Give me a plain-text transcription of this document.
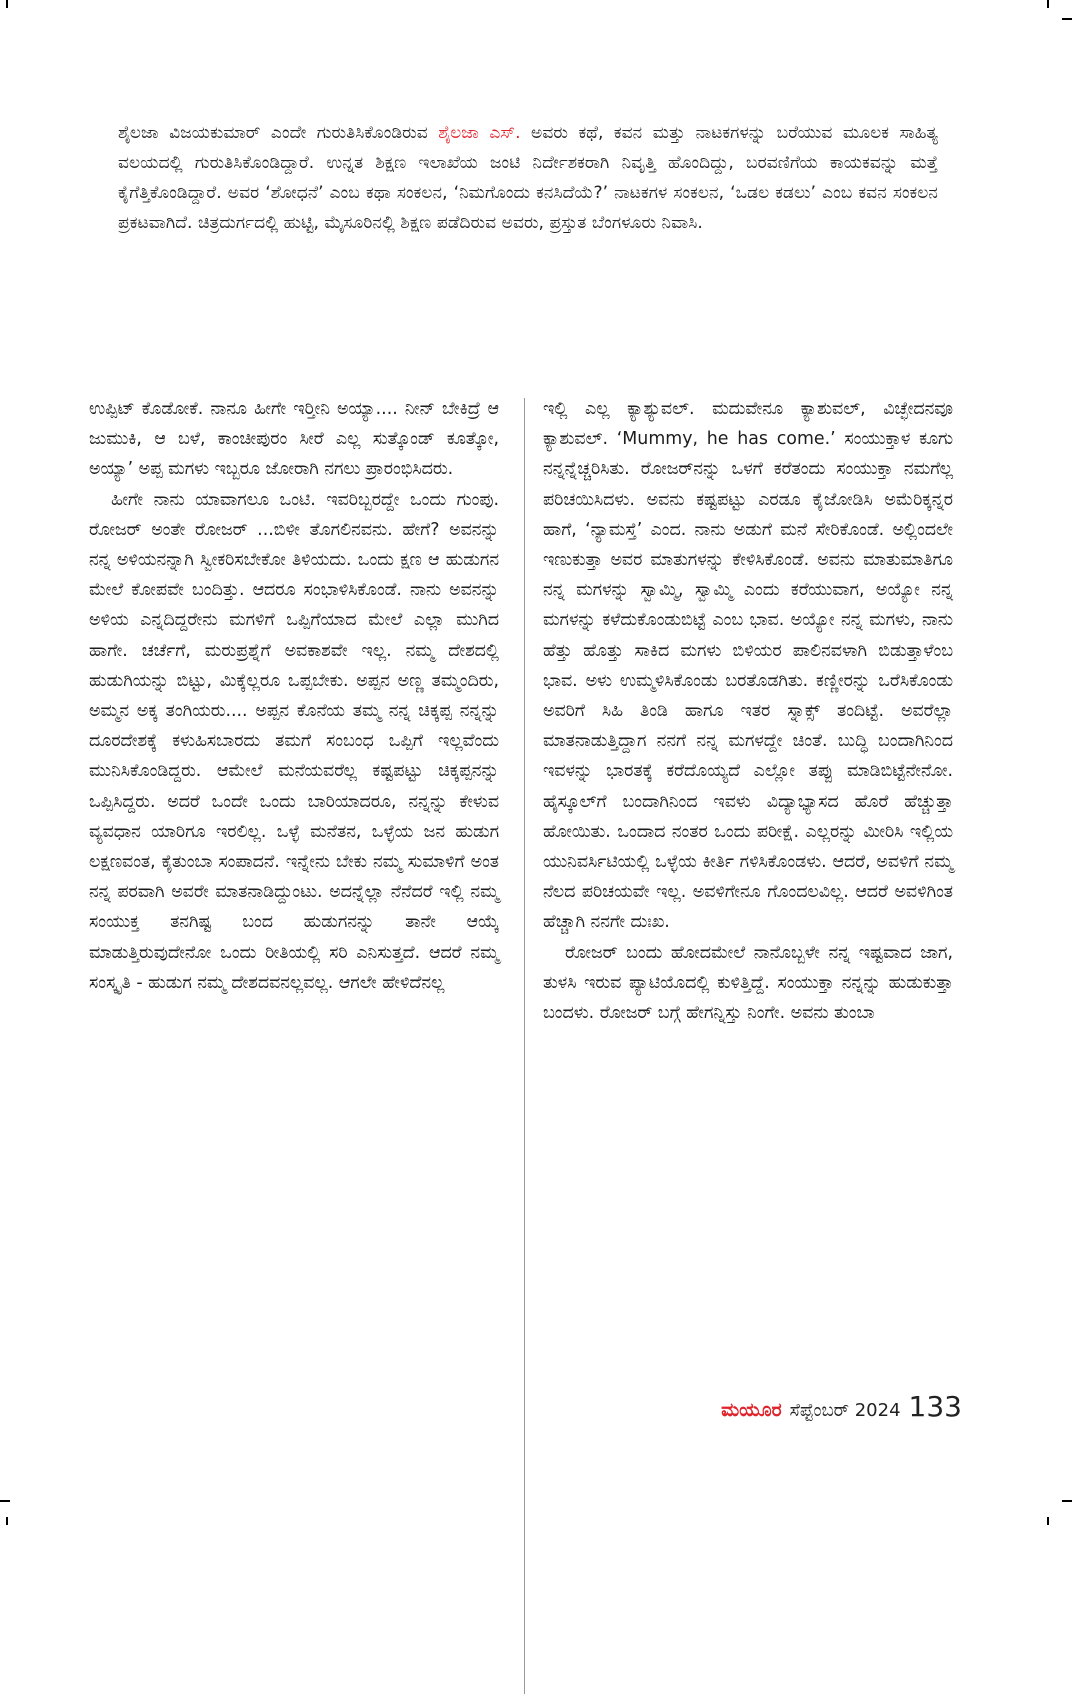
ಶೈಲಜಾ ವಿಜಯಕುಮಾರ್ ಎಂದೇ ಗುರುತಿಸಿಕೊಂಡಿರುವ ಶೈಲಜಾ ಎಸ್. ಅವರು ಕಥೆ, ಕವನ ಮತ್ತು ನಾಟಕಗಳನ್ನು ಬರೆಯುವ ಮೂಲಕ ಸಾಹಿತ್ಯ ವಲಯದಲ್ಲಿ ಗುರುತಿಸಿಕೊಂಡಿದ್ದಾರೆ. ಉನ್ನತ ಶಿಕ್ಷಣ ಇಲಾಖೆಯ ಜಂಟಿ ನಿರ್ದೇಶಕರಾಗಿ ನಿವೃತ್ತಿ ಹೊಂದಿದ್ದು, ಬರವಣಿಗೆಯ ಕಾಯಕವನ್ನು ಮತ್ತೆ ಕೈಗೆತ್ತಿಕೊಂಡಿದ್ದಾರೆ. ಅವರ ‘ಶೋಧನೆ’ ಎಂಬ ಕಥಾ ಸಂಕಲನ, ‘ನಿಮಗೊಂದು ಕನಸಿದೆಯೆ?’ ನಾಟಕಗಳ ಸಂಕಲನ, ‘ಒಡಲ ಕಡಲು’ ಎಂಬ ಕವನ ಸಂಕಲನ ಪ್ರಕಟವಾಗಿದೆ. ಚಿತ್ರದುರ್ಗದಲ್ಲಿ ಹುಟ್ಟಿ, ಮೈಸೂರಿನಲ್ಲಿ ಶಿಕ್ಷಣ ಪಡೆದಿರುವ ಅವರು, ಪ್ರಸ್ತುತ ಬೆಂಗಳೂರು ನಿವಾಸಿ.

ಉಪ್ಪಿಟ್ ಕೊಡೋಕೆ. ನಾನೂ ಹೀಗೇ ಇರ್‍ತೀನಿ ಅಯ್ಯಾ.... ನೀನ್ ಬೇಕಿದ್ರೆ ಆ ಜುಮುಕಿ, ಆ ಬಳೆ, ಕಾಂಚೀಪುರಂ ಸೀರೆ ಎಲ್ಲ ಸುತ್ಕೊಂಡ್ ಕೂತ್ಕೋ, ಅಯ್ಯಾ’ ಅಪ್ಪ ಮಗಳು ಇಬ್ಬರೂ ಜೋರಾಗಿ ನಗಲು ಪ್ರಾರಂಭಿಸಿದರು.

ಹೀಗೇ ನಾನು ಯಾವಾಗಲೂ ಒಂಟಿ. ಇವರಿಬ್ಬರದ್ದೇ ಒಂದು ಗುಂಪು. ರೋಜರ್ ಅಂತೇ ರೋಜರ್ ...ಬಿಳೀ ತೊಗಲಿನವನು. ಹೇಗೆ? ಅವನನ್ನು ನನ್ನ ಅಳಿಯನನ್ನಾಗಿ ಸ್ವೀಕರಿಸಬೇಕೋ ತಿಳಿಯದು. ಒಂದು ಕ್ಷಣ ಆ ಹುಡುಗನ ಮೇಲೆ ಕೋಪವೇ ಬಂದಿತ್ತು. ಆದರೂ ಸಂಭಾಳಿಸಿಕೊಂಡೆ. ನಾನು ಅವನನ್ನು ಅಳಿಯ ಎನ್ನದಿದ್ದರೇನು ಮಗಳಿಗೆ ಒಪ್ಪಿಗೆಯಾದ ಮೇಲೆ ಎಲ್ಲಾ ಮುಗಿದ ಹಾಗೇ. ಚರ್ಚೆಗೆ, ಮರುಪ್ರಶ್ನೆಗೆ ಅವಕಾಶವೇ ಇಲ್ಲ. ನಮ್ಮ ದೇಶದಲ್ಲಿ ಹುಡುಗಿಯನ್ನು ಬಿಟ್ಟು, ಮಿಕ್ಕೆಲ್ಲರೂ ಒಪ್ಪಬೇಕು. ಅಪ್ಪನ ಅಣ್ಣ ತಮ್ಮಂದಿರು, ಅಮ್ಮನ ಅಕ್ಕ ತಂಗಿಯರು.... ಅಪ್ಪನ ಕೊನೆಯ ತಮ್ಮ ನನ್ನ ಚಿಕ್ಕಪ್ಪ ನನ್ನನ್ನು ದೂರದೇಶಕ್ಕೆ ಕಳುಹಿಸಬಾರದು ತಮಗೆ ಸಂಬಂಧ ಒಪ್ಪಿಗೆ ಇಲ್ಲವೆಂದು ಮುನಿಸಿಕೊಂಡಿದ್ದರು. ಆಮೇಲೆ ಮನೆಯವರೆಲ್ಲ ಕಷ್ಟಪಟ್ಟು ಚಿಕ್ಕಪ್ಪನನ್ನು ಒಪ್ಪಿಸಿದ್ದರು. ಅದರೆ ಒಂದೇ ಒಂದು ಬಾರಿಯಾದರೂ, ನನ್ನನ್ನು ಕೇಳುವ ವ್ಯವಧಾನ ಯಾರಿಗೂ ಇರಲಿಲ್ಲ. ಒಳ್ಳೆ ಮನೆತನ, ಒಳ್ಳೆಯ ಜನ ಹುಡುಗ ಲಕ್ಷಣವಂತ, ಕೈತುಂಬಾ ಸಂಪಾದನೆ. ಇನ್ನೇನು ಬೇಕು ನಮ್ಮ ಸುಮಾಳಿಗೆ ಅಂತ ನನ್ನ ಪರವಾಗಿ ಅವರೇ ಮಾತನಾಡಿದ್ದುಂಟು. ಅದನ್ನೆಲ್ಲಾ ನೆನೆದರೆ ಇಲ್ಲಿ ನಮ್ಮ ಸಂಯುಕ್ತ ತನಗಿಷ್ಟ ಬಂದ ಹುಡುಗನನ್ನು ತಾನೇ ಆಯ್ಕೆ ಮಾಡುತ್ತಿರುವುದೇನೋ ಒಂದು ರೀತಿಯಲ್ಲಿ ಸರಿ ಎನಿಸುತ್ತದೆ. ಆದರೆ ನಮ್ಮ ಸಂಸ್ಕೃತಿ - ಹುಡುಗ ನಮ್ಮ ದೇಶದವನಲ್ಲವಲ್ಲ. ಆಗಲೇ ಹೇಳಿದೆನಲ್ಲ

ಇಲ್ಲಿ ಎಲ್ಲ ಕ್ಯಾಶ್ಯುವಲ್. ಮದುವೇನೂ ಕ್ಯಾಶುವಲ್, ವಿಚ್ಛೇದನವೂ ಕ್ಯಾಶುವಲ್. ‘Mummy, he has come.’ ಸಂಯುಕ್ತಾಳ ಕೂಗು ನನ್ನನ್ನೆಚ್ಚರಿಸಿತು. ರೋಜರ್‌ನನ್ನು ಒಳಗೆ ಕರೆತಂದು ಸಂಯುಕ್ತಾ ನಮಗೆಲ್ಲ ಪರಿಚಯಿಸಿದಳು. ಅವನು ಕಷ್ಟಪಟ್ಟು ಎರಡೂ ಕೈಜೋಡಿಸಿ ಅಮೆರಿಕ್ಕನ್ನರ ಹಾಗೆ, ‘ನ್ಯಾಮಸ್ತೆ’ ಎಂದ. ನಾನು ಅಡುಗೆ ಮನೆ ಸೇರಿಕೊಂಡೆ. ಅಲ್ಲಿಂದಲೇ ಇಣುಕುತ್ತಾ ಅವರ ಮಾತುಗಳನ್ನು ಕೇಳಿಸಿಕೊಂಡೆ. ಅವನು ಮಾತುಮಾತಿಗೂ ನನ್ನ ಮಗಳನ್ನು ಸ್ವಾಮ್ಮಿ, ಸ್ವಾಮ್ಮಿ ಎಂದು ಕರೆಯುವಾಗ, ಅಯ್ಯೋ ನನ್ನ ಮಗಳನ್ನು ಕಳೆದುಕೊಂಡುಬಿಟ್ಟೆ ಎಂಬ ಭಾವ. ಅಯ್ಯೋ ನನ್ನ ಮಗಳು, ನಾನು ಹೆತ್ತು ಹೊತ್ತು ಸಾಕಿದ ಮಗಳು ಬಿಳಿಯರ ಪಾಲಿನವಳಾಗಿ ಬಿಡುತ್ತಾಳೆಂಬ ಭಾವ. ಅಳು ಉಮ್ಮಳಿಸಿಕೊಂಡು ಬರತೊಡಗಿತು. ಕಣ್ಣೀರನ್ನು ಒರೆಸಿಕೊಂಡು ಅವರಿಗೆ ಸಿಹಿ ತಿಂಡಿ ಹಾಗೂ ಇತರ ಸ್ನಾಕ್ಸ್ ತಂದಿಟ್ಟೆ. ಅವರೆಲ್ಲಾ ಮಾತನಾಡುತ್ತಿದ್ದಾಗ ನನಗೆ ನನ್ನ ಮಗಳದ್ದೇ ಚಿಂತೆ. ಬುದ್ಧಿ ಬಂದಾಗಿನಿಂದ ಇವಳನ್ನು ಭಾರತಕ್ಕೆ ಕರೆದೊಯ್ಯದೆ ಎಲ್ಲೋ ತಪ್ಪು ಮಾಡಿಬಿಟ್ಟೆನೇನೋ. ಹೈಸ್ಕೂಲ್‌ಗೆ ಬಂದಾಗಿನಿಂದ ಇವಳು ವಿದ್ಯಾಭ್ಯಾಸದ ಹೊರೆ ಹೆಚ್ಚುತ್ತಾ ಹೋಯಿತು. ಒಂದಾದ ನಂತರ ಒಂದು ಪರೀಕ್ಷೆ. ಎಲ್ಲರನ್ನು ಮೀರಿಸಿ ಇಲ್ಲಿಯ ಯುನಿವರ್ಸಿಟಿಯಲ್ಲಿ ಒಳ್ಳೆಯ ಕೀರ್ತಿ ಗಳಿಸಿಕೊಂಡಳು. ಆದರೆ, ಅವಳಿಗೆ ನಮ್ಮ ನೆಲದ ಪರಿಚಯವೇ ಇಲ್ಲ. ಅವಳಿಗೇನೂ ಗೊಂದಲವಿಲ್ಲ. ಆದರೆ ಅವಳಿಗಿಂತ ಹೆಚ್ಚಾಗಿ ನನಗೇ ದುಃಖ.

ರೋಜರ್ ಬಂದು ಹೋದಮೇಲೆ ನಾನೊಬ್ಬಳೇ ನನ್ನ ಇಷ್ಟವಾದ ಜಾಗ, ತುಳಸಿ ಇರುವ ಪ್ಯಾಟಿಯೊದಲ್ಲಿ ಕುಳಿತ್ತಿದ್ದೆ. ಸಂಯುಕ್ತಾ ನನ್ನನ್ನು ಹುಡುಕುತ್ತಾ ಬಂದಳು. ರೋಜರ್ ಬಗ್ಗೆ ಹೇಗನ್ನಿಸ್ತು ನಿಂಗೇ. ಅವನು ತುಂಬಾ

ಮಯೂರ ಸೆಪ್ಟೆಂಬರ್ 2024 133
